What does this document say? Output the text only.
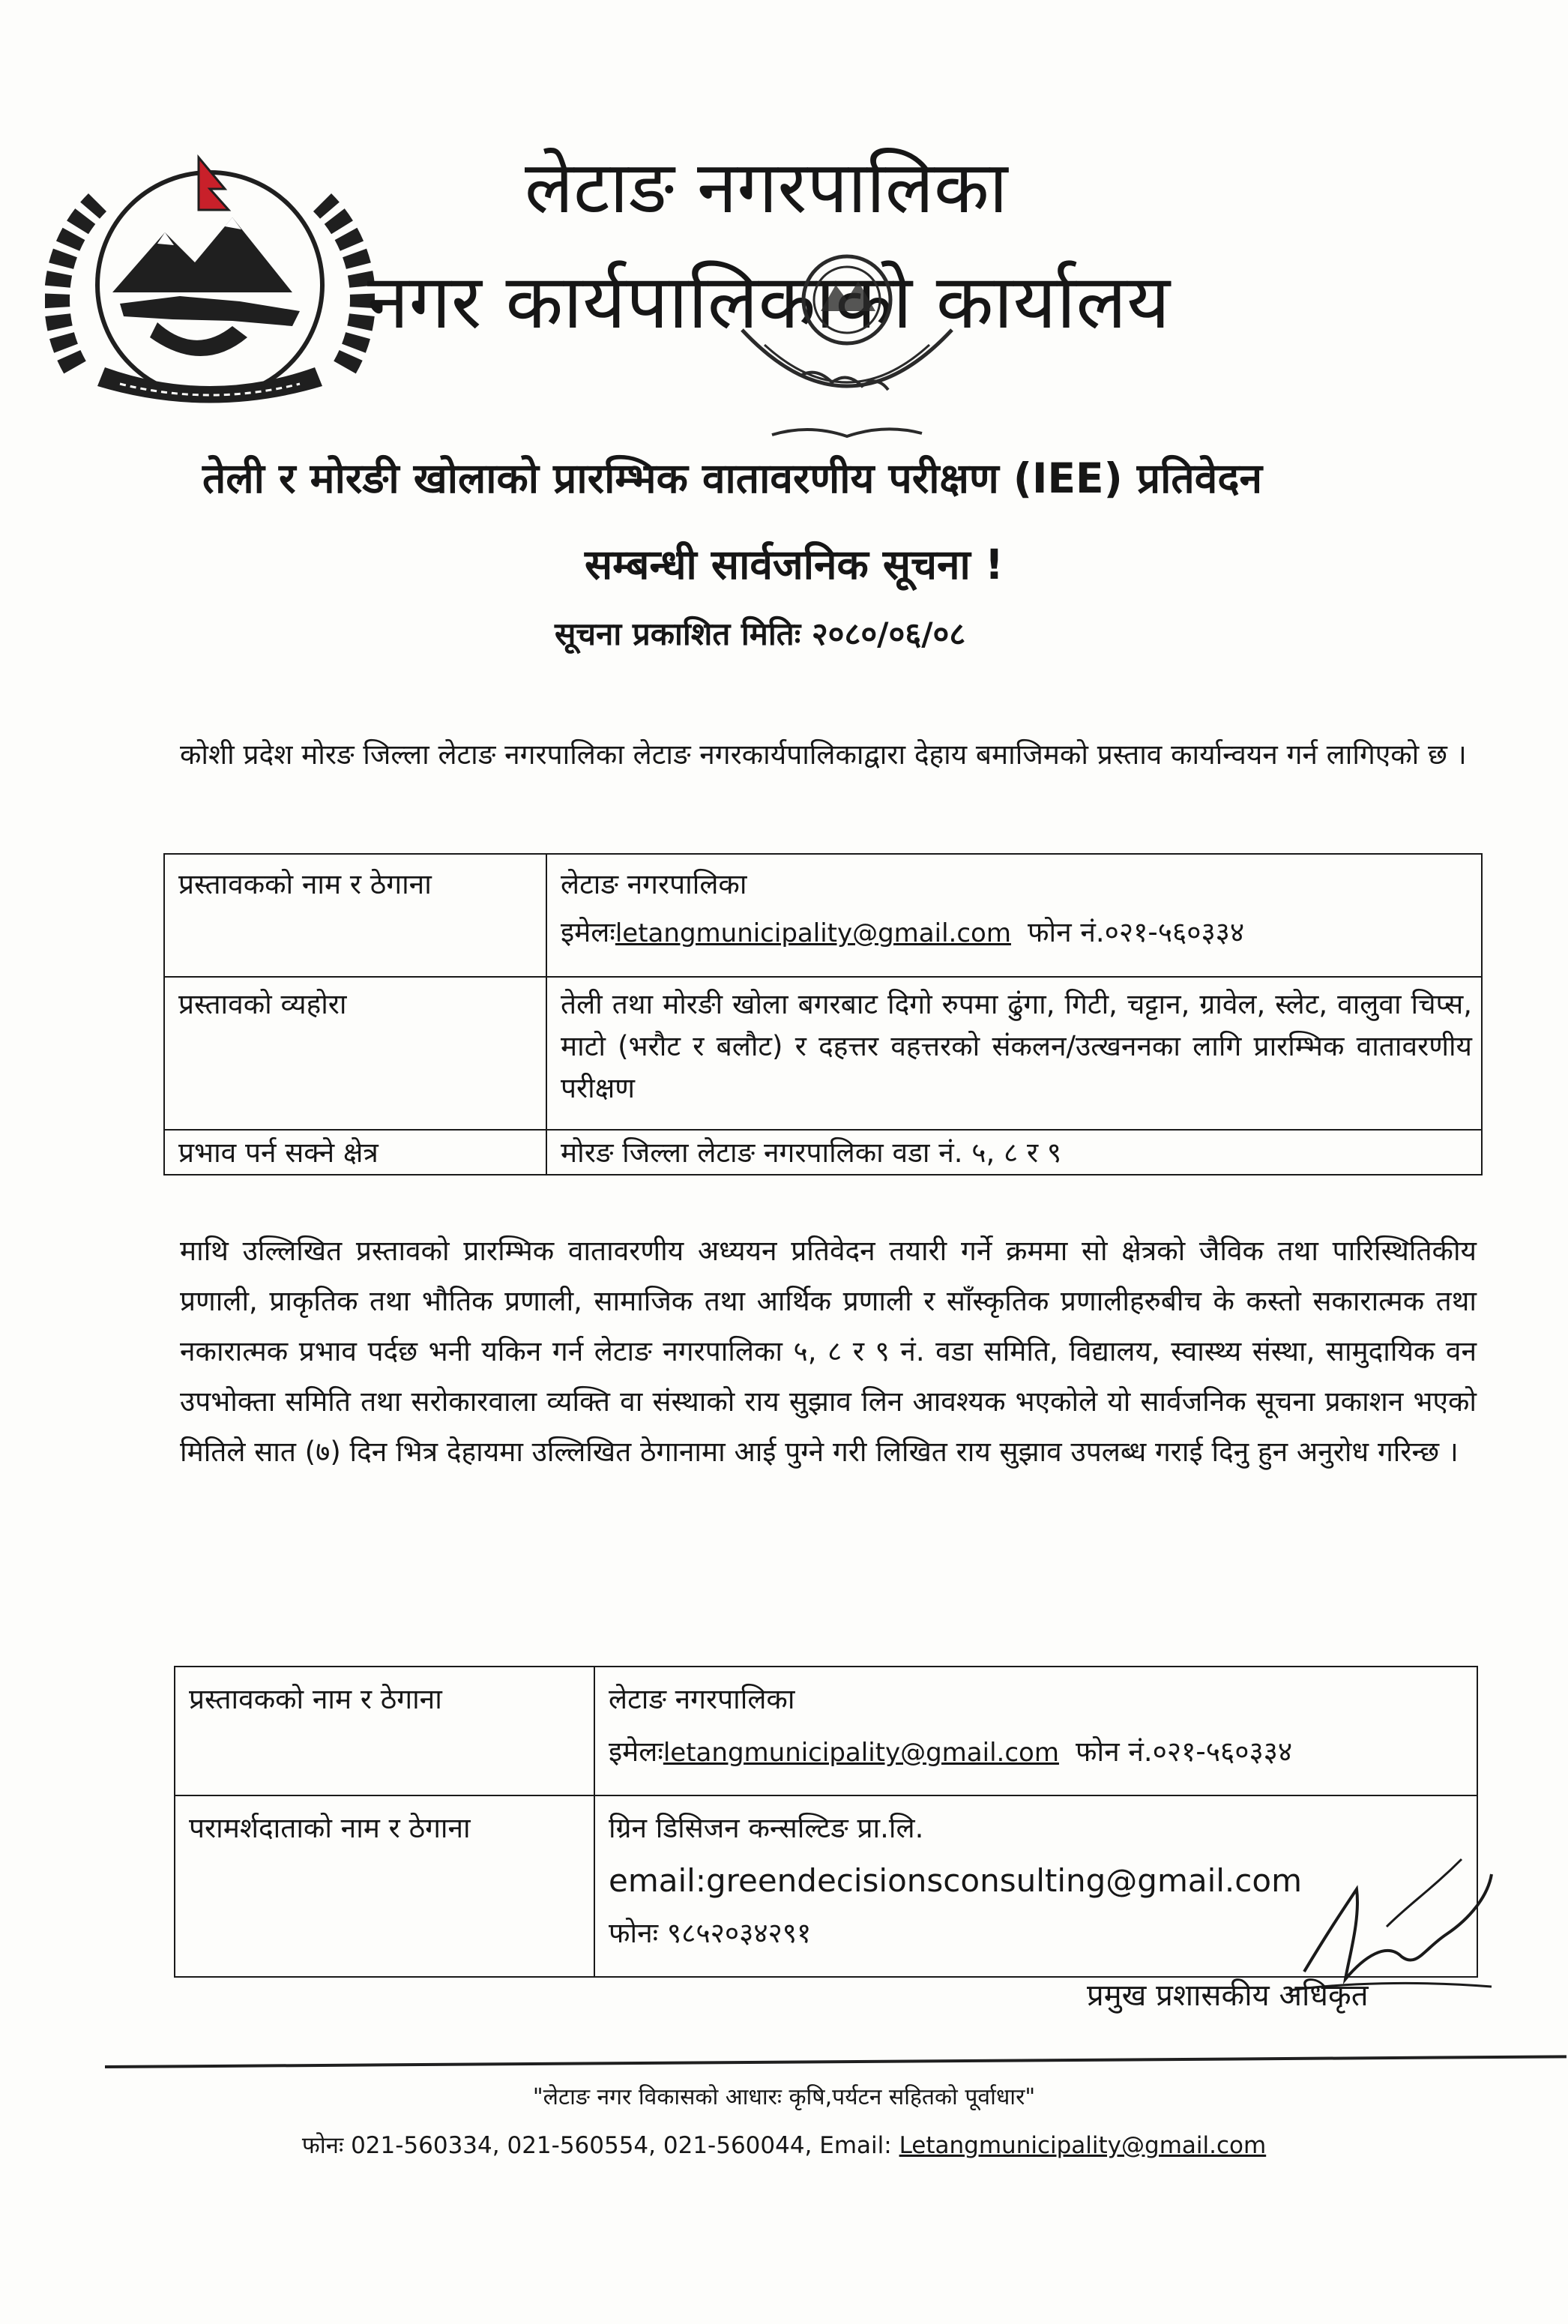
लेटाङ नगरपालिका
नगर कार्यपालिकाको कार्यालय
तेली र मोरङी खोलाको प्रारम्भिक वातावरणीय परीक्षण (IEE) प्रतिवेदन
सम्बन्धी सार्वजनिक सूचना !
सूचना प्रकाशित मितिः २०८०/०६/०८
कोशी प्रदेश मोरङ जिल्ला लेटाङ नगरपालिका लेटाङ नगरकार्यपालिकाद्वारा देहाय बमाजिमको प्रस्ताव कार्यान्वयन गर्न लागिएको छ ।
प्रस्तावकको नाम र ठेगाना	लेटाङ नगरपालिका
इमेलःletangmunicipality@gmail.com फोन नं.०२१-५६०३३४

प्रस्तावको व्यहोरा	तेली तथा मोरङी खोला बगरबाट दिगो रुपमा ढुंगा, गिटी, चट्टान, ग्रावेल, स्लेट, वालुवा चिप्स, माटो (भरौट र बलौट) र दहत्तर वहत्तरको संकलन/उत्खननका लागि प्रारम्भिक वातावरणीय परीक्षण
प्रभाव पर्न सक्ने क्षेत्र	मोरङ जिल्ला लेटाङ नगरपालिका वडा नं. ५, ८ र ९
माथि उल्लिखित प्रस्तावको प्रारम्भिक वातावरणीय अध्ययन प्रतिवेदन तयारी गर्ने क्रममा सो क्षेत्रको जैविक तथा पारिस्थितिकीय प्रणाली, प्राकृतिक तथा भौतिक प्रणाली, सामाजिक तथा आर्थिक प्रणाली र साँस्कृतिक प्रणालीहरुबीच के कस्तो सकारात्मक तथा नकारात्मक प्रभाव पर्दछ भनी यकिन गर्न लेटाङ नगरपालिका ५, ८ र ९ नं. वडा समिति, विद्यालय, स्वास्थ्य संस्था, सामुदायिक वन उपभोक्ता समिति तथा सरोकारवाला व्यक्ति वा संस्थाको राय सुझाव लिन आवश्यक भएकोले यो सार्वजनिक सूचना प्रकाशन भएको मितिले सात (७) दिन भित्र देहायमा उल्लिखित ठेगानामा आई पुग्ने गरी लिखित राय सुझाव उपलब्ध गराई दिनु हुन अनुरोध गरिन्छ ।
प्रस्तावकको नाम र ठेगाना	लेटाङ नगरपालिका
इमेलःletangmunicipality@gmail.com फोन नं.०२१-५६०३३४

परामर्शदाताको नाम र ठेगाना	ग्रिन डिसिजन कन्सल्टिङ प्रा.लि.
email:greendecisionsconsulting@gmail.com
फोनः ९८५२०३४२९१
प्रमुख प्रशासकीय अधिकृत
"लेटाङ नगर विकासको आधारः कृषि,पर्यटन सहितको पूर्वाधार"
फोनः 021-560334, 021-560554, 021-560044, Email: Letangmunicipality@gmail.com
